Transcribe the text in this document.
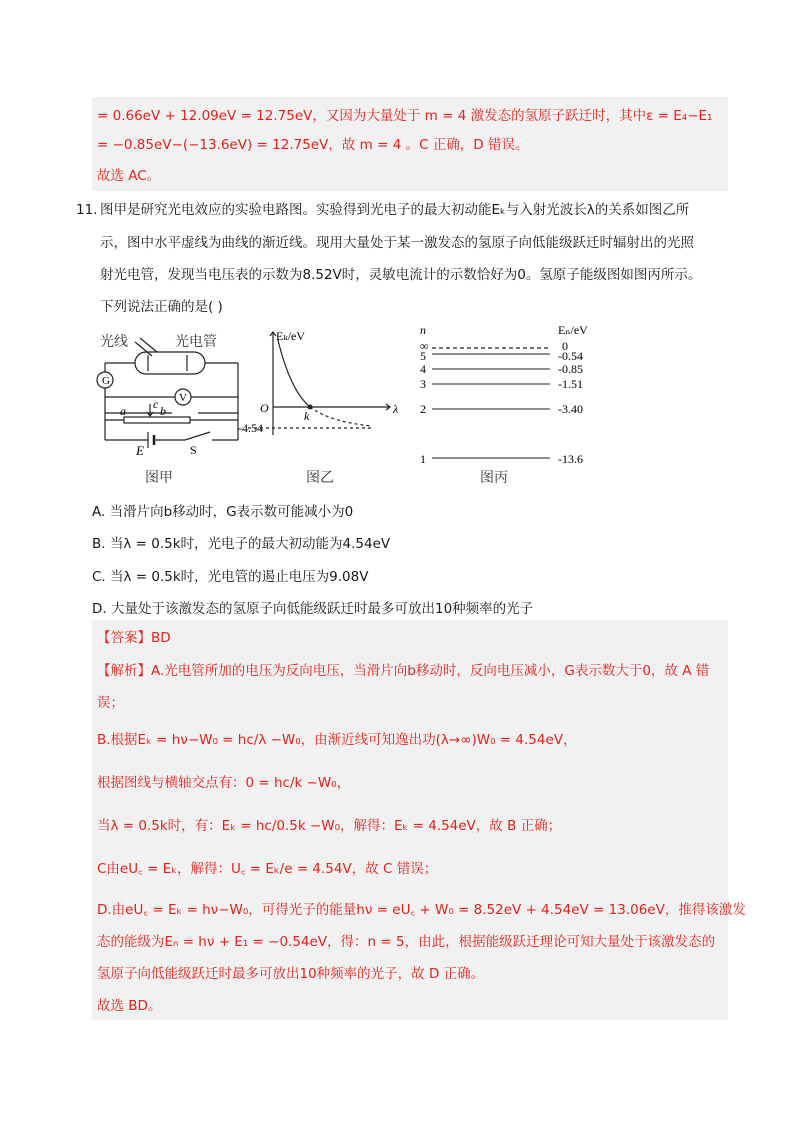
= 0.66eV + 12.09eV = 12.75eV，又因为大量处于 m = 4 激发态的氢原子跃迁时，其中ε = E₄−E₁
= −0.85eV−(−13.6eV) = 12.75eV，故 m = 4 。C 正确，D 错误。
故选 AC。
11. 图甲是研究光电效应的实验电路图。实验得到光电子的最大初动能Eₖ与入射光波长λ的关系如图乙所
示，图中水平虚线为曲线的渐近线。现用大量处于某一激发态的氢原子向低能级跃迁时辐射出的光照
射光电管，发现当电压表的示数为8.52V时，灵敏电流计的示数恰好为0。氢原子能级图如图丙所示。
下列说法正确的是( )
G
V
光线	光电管
c
a	b
E	S
图甲
Eₖ/eV
λ
O
k
-4.54
图乙
n	Eₙ/eV
∞
5
4
3
2
1
0
-0.54
-0.85
-1.51
-3.40
-13.6
图丙
A. 当滑片向b移动时，G表示数可能减小为0
B. 当λ = 0.5k时，光电子的最大初动能为4.54eV
C. 当λ = 0.5k时，光电管的遏止电压为9.08V
D. 大量处于该激发态的氢原子向低能级跃迁时最多可放出10种频率的光子
【答案】BD
【解析】A.光电管所加的电压为反向电压，当滑片向b移动时，反向电压减小，G表示数大于0，故 A 错
误；
B.根据Eₖ = hν−W₀ = hc/λ −W₀，由渐近线可知逸出功(λ→∞)W₀ = 4.54eV，
根据图线与横轴交点有：0 = hc/k −W₀，
当λ = 0.5k时，有：Eₖ = hc/0.5k −W₀，解得：Eₖ = 4.54eV，故 B 正确；
C由eU꜀ = Eₖ，解得：U꜀ = Eₖ/e = 4.54V，故 C 错误；
D.由eU꜀ = Eₖ = hν−W₀，可得光子的能量hν = eU꜀ + W₀ = 8.52eV + 4.54eV = 13.06eV，推得该激发
态的能级为Eₙ = hν + E₁ = −0.54eV，得：n = 5，由此，根据能级跃迁理论可知大量处于该激发态的
氢原子向低能级跃迁时最多可放出10种频率的光子，故 D 正确。
故选 BD。
